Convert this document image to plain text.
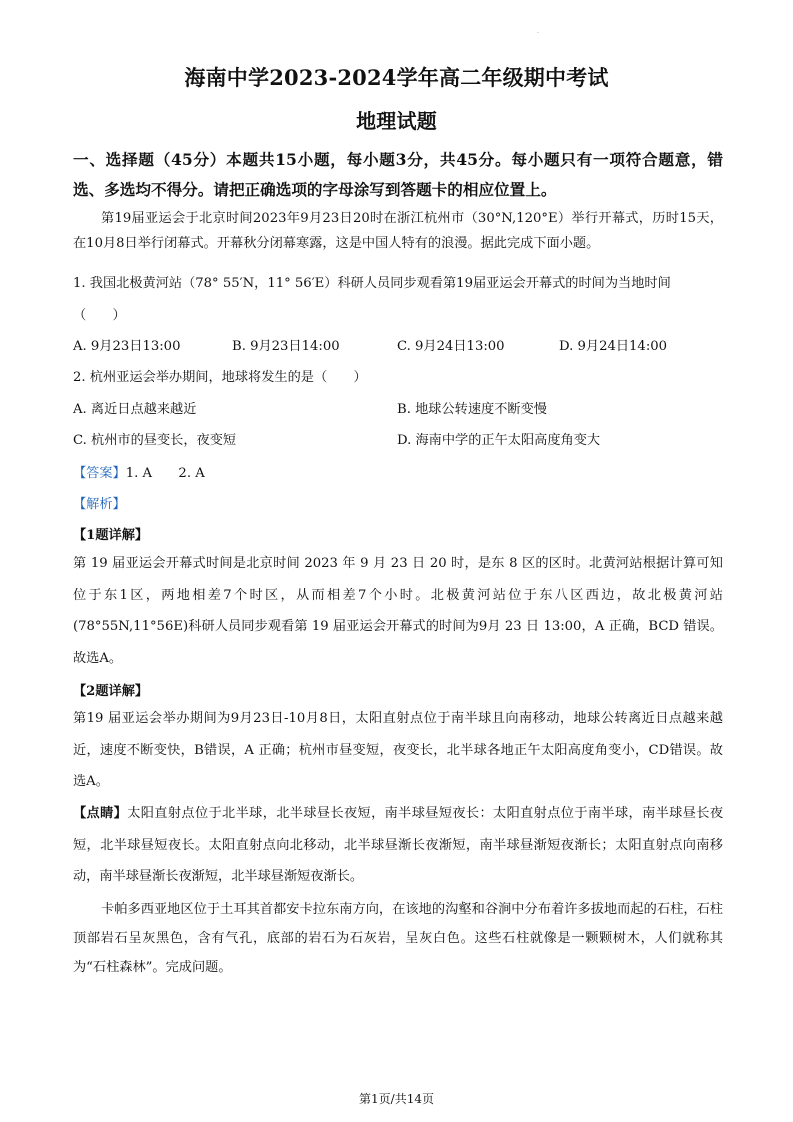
·
海南中学2023-2024学年高二年级期中考试
地理试题
一、选择题（45分）本题共15小题，每小题3分，共45分。每小题只有一项符合题意，错选、多选均不得分。请把正确选项的字母涂写到答题卡的相应位置上。
第19届亚运会于北京时间2023年9月23日20时在浙江杭州市（30°N,120°E）举行开幕式，历时15天，在10月8日举行闭幕式。开幕秋分闭幕寒露，这是中国人特有的浪漫。据此完成下面小题。
1. 我国北极黄河站（78° 55′N，11° 56′E）科研人员同步观看第19届亚运会开幕式的时间为当地时间
（　　）
A. 9月23日13:00	B. 9月23日14:00	C. 9月24日13:00	D. 9月24日14:00
2. 杭州亚运会举办期间，地球将发生的是（　　）
A. 离近日点越来越近	B. 地球公转速度不断变慢
C. 杭州市的昼变长，夜变短	D. 海南中学的正午太阳高度角变大
【答案】1. A　　2. A
【解析】
【1题详解】
第 19 届亚运会开幕式时间是北京时间 2023 年 9 月 23 日 20 时，是东 8 区的区时。北黄河站根据计算可知位于东1区，两地相差7个时区，从而相差7个小时。北极黄河站位于东八区西边，故北极黄河站(78°55N,11°56E)科研人员同步观看第 19 届亚运会开幕式的时间为9月 23 日 13:00，A 正确，BCD 错误。故选A。
【2题详解】
第19 届亚运会举办期间为9月23日-10月8日，太阳直射点位于南半球且向南移动，地球公转离近日点越来越近，速度不断变快，B错误，A 正确；杭州市昼变短，夜变长，北半球各地正午太阳高度角变小，CD错误。故选A。
【点睛】太阳直射点位于北半球，北半球昼长夜短，南半球昼短夜长：太阳直射点位于南半球，南半球昼长夜短，北半球昼短夜长。太阳直射点向北移动，北半球昼渐长夜渐短，南半球昼渐短夜渐长；太阳直射点向南移动，南半球昼渐长夜渐短，北半球昼渐短夜渐长。
卡帕多西亚地区位于土耳其首都安卡拉东南方向，在该地的沟壑和谷涧中分布着许多拔地而起的石柱，石柱顶部岩石呈灰黑色，含有气孔，底部的岩石为石灰岩，呈灰白色。这些石柱就像是一颗颗树木，人们就称其为“石柱森林”。完成问题。
第1页/共14页
